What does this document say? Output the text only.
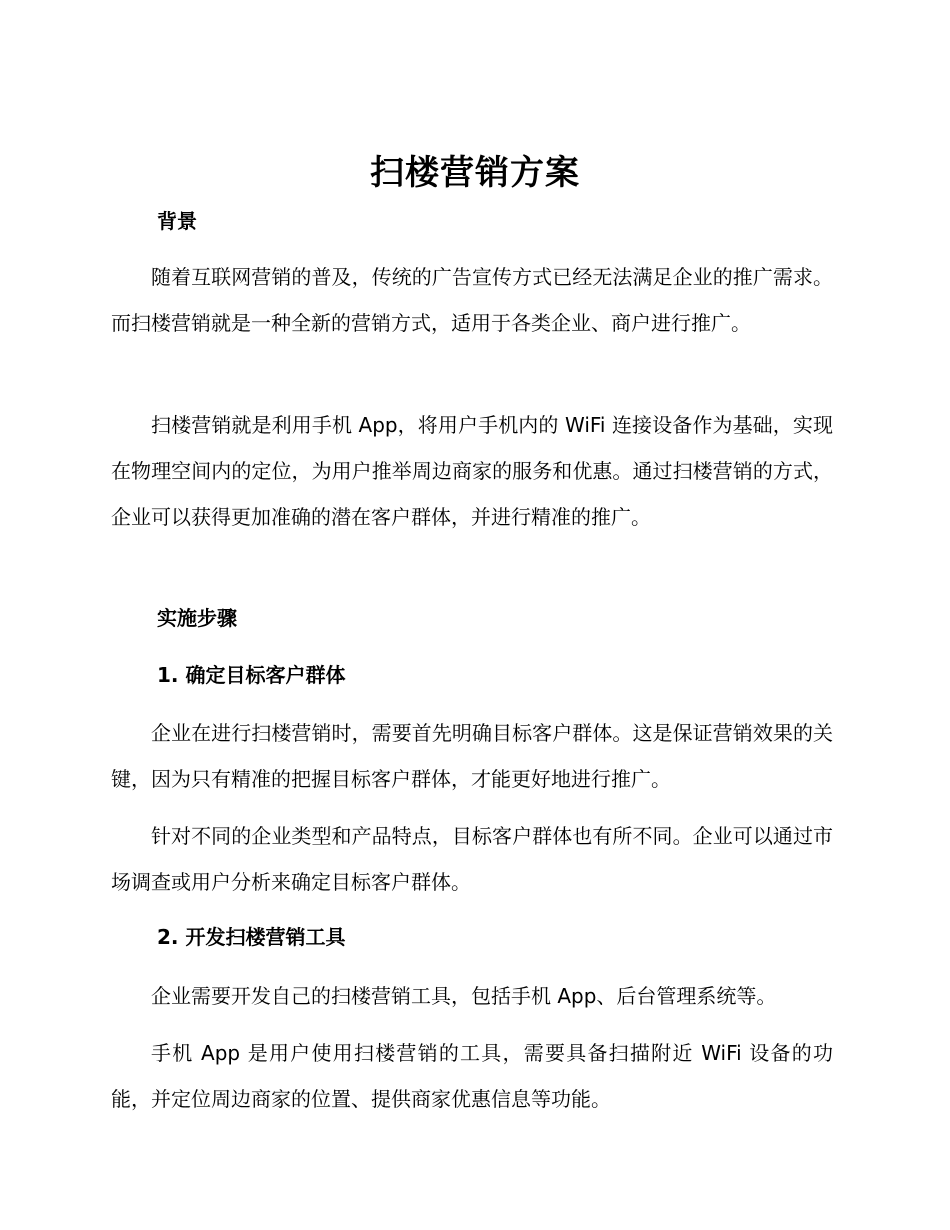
扫楼营销方案
背景

随着互联网营销的普及，传统的广告宣传方式已经无法满足企业的推广需求。而扫楼营销就是一种全新的营销方式，适用于各类企业、商户进行推广。

扫楼营销就是利用手机 App，将用户手机内的 WiFi 连接设备作为基础，实现在物理空间内的定位，为用户推举周边商家的服务和优惠。通过扫楼营销的方式，企业可以获得更加准确的潜在客户群体，并进行精准的推广。

实施步骤
1. 确定目标客户群体

企业在进行扫楼营销时，需要首先明确目标客户群体。这是保证营销效果的关键，因为只有精准的把握目标客户群体，才能更好地进行推广。

针对不同的企业类型和产品特点，目标客户群体也有所不同。企业可以通过市场调查或用户分析来确定目标客户群体。

2. 开发扫楼营销工具

企业需要开发自己的扫楼营销工具，包括手机 App、后台管理系统等。

手机 App 是用户使用扫楼营销的工具，需要具备扫描附近 WiFi 设备的功能，并定位周边商家的位置、提供商家优惠信息等功能。
